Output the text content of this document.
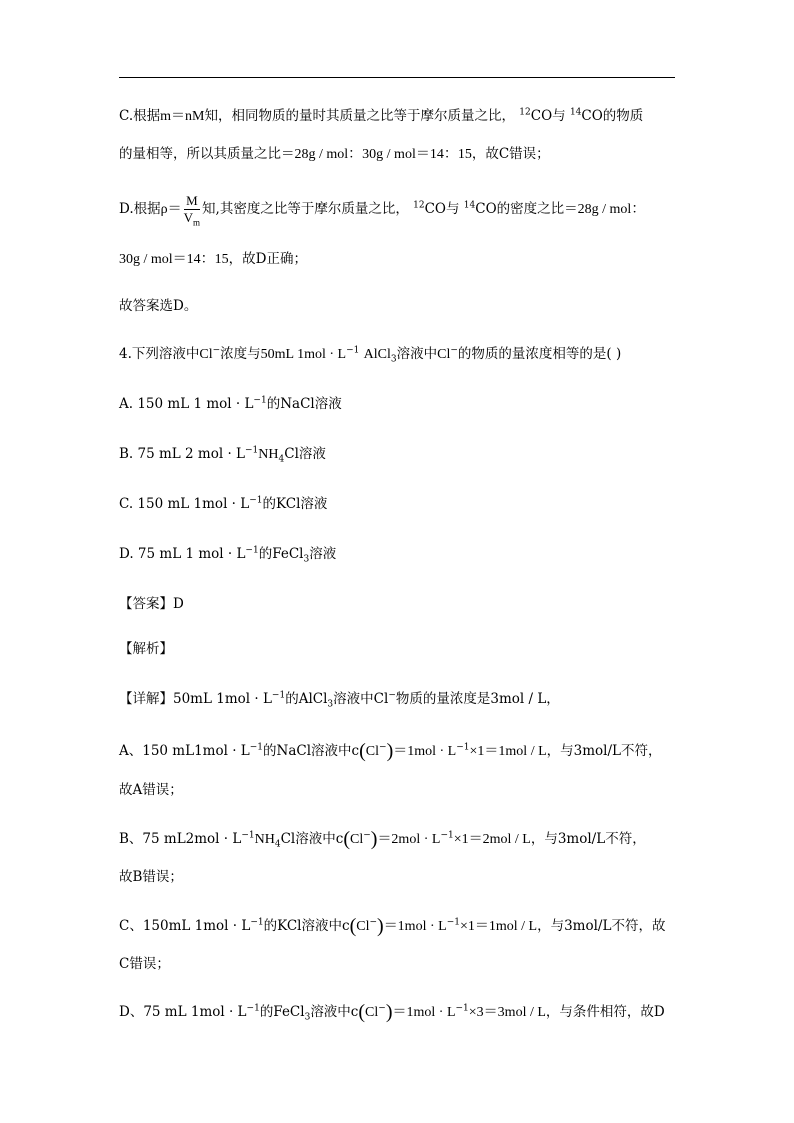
C.根据m＝nM知，相同物质的量时其质量之比等于摩尔质量之比， $^{12}$CO与 $^{14}$CO的物质
的量相等，所以其质量之比＝28g / mol：30g / mol＝14：15，故C错误；
D.根据$\rho= \frac{M}{V_m}$ 知,其密度之比等于摩尔质量之比， $^{12}$CO与 $^{14}$CO的密度之比＝28g / mol：
30g / mol＝14：15，故D正确；
故答案选D。
4.下列溶液中Cl−浓度与50mL $1mol \cdot L^{-1}$ AlCl$_3$溶液中Cl−的物质的量浓度相等的是( )
A. 150 mL 1 mol · $L^{-1}$的NaCl溶液
B. 75 mL 2 mol · $L^{-1}NH_4Cl$溶液
C. 150 mL $1mol \cdot L^{-1}$的KCl溶液
D. 75 mL 1 mol · $L^{-1}$的FeCl$_3$溶液
【答案】D
【解析】
【详解】50mL $1mol \cdot L^{-1}$的AlCl$_3$溶液中Cl−物质的量浓度是3mol / L，
A、150 $mL1mol \cdot L^{-1}$的NaCl溶液中$c(Cl^-)=1mol \cdot L^{-1}\times 1=1mol / L$，与3mol/L不符，
故A错误；
B、75 $mL2mol \cdot L^{-1}NH_4Cl$溶液中$c(Cl^-)=2mol \cdot L^{-1}\times 1=2mol / L$，与3mol/L不符，
故B错误；
C、150mL $1mol \cdot L^{-1}$的KCl溶液中$c(Cl^-)=1mol \cdot L^{-1}\times 1=1mol / L$，与3mol/L不符，故
C错误；
D、75 mL $1mol \cdot L^{-1}$的FeCl$_3$溶液中$c(Cl^-)=1mol \cdot L^{-1}\times 3=3mol / L$，与条件相符，故D
